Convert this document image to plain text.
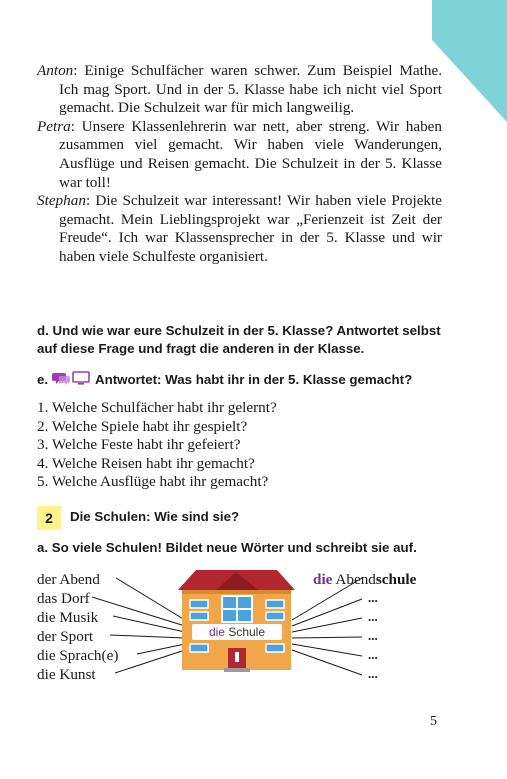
Anton: Einige Schulfächer waren schwer. Zum Beispiel Mathe. Ich mag Sport. Und in der 5. Klasse habe ich nicht viel Sport gemacht. Die Schulzeit war für mich langweilig.

Petra: Unsere Klassenlehrerin war nett, aber streng. Wir haben zusammen viel gemacht. Wir haben viele Wanderungen, Ausflüge und Reisen gemacht. Die Schulzeit in der 5. Klasse war toll!

Stephan: Die Schulzeit war interessant! Wir haben viele Projekte gemacht. Mein Lieblingsprojekt war „Ferienzeit ist Zeit der Freude“. Ich war Klassensprecher in der 5. Klasse und wir haben viele Schulfeste organisiert.

d. Und wie war eure Schulzeit in der 5. Klasse? Antwortet selbst auf diese Frage und fragt die anderen in der Klasse.
e.	Antwortet: Was habt ihr in der 5. Klasse gemacht?
1. Welche Schulfächer habt ihr gelernt?
2. Welche Spiele habt ihr gespielt?
3. Welche Feste habt ihr gefeiert?
4. Welche Reisen habt ihr gemacht?
5. Welche Ausflüge habt ihr gemacht?
2	Die Schulen: Wie sind sie?
a. So viele Schulen! Bildet neue Wörter und schreibt sie auf.
der Abend
das Dorf
die Musik
der Sport
die Sprach(e)
die Kunst
die Schule
die Abendschule
...
...
...
...
...
5
